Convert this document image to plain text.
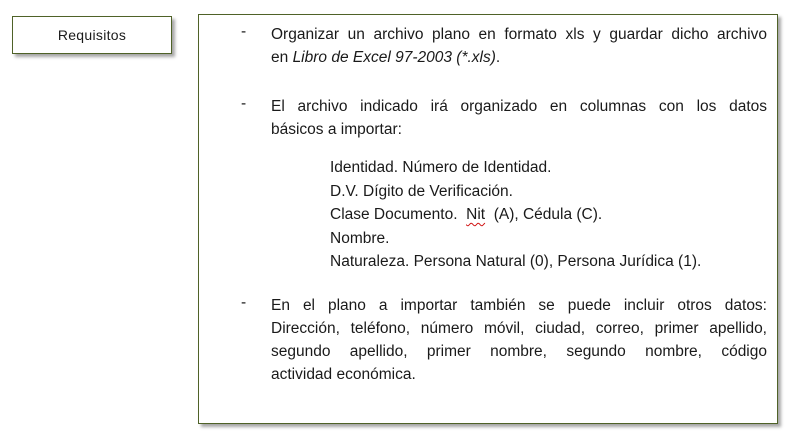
Requisitos	- Organizar un archivo plano en formato xls y guardar dicho archivo
en Libro de Excel 97-2003 (*.xls).
- El archivo indicado irá organizado en columnas con los datos
básicos a importar:
Identidad. Número de Identidad.
D.V. Dígito de Verificación.
Clase Documento.  Nit  (A), Cédula (C).
Nombre.
Naturaleza. Persona Natural (0), Persona Jurídica (1).
- En el plano a importar también se puede incluir otros datos:
Dirección, teléfono, número móvil, ciudad, correo, primer apellido,
segundo apellido, primer nombre, segundo nombre, código
actividad económica.
